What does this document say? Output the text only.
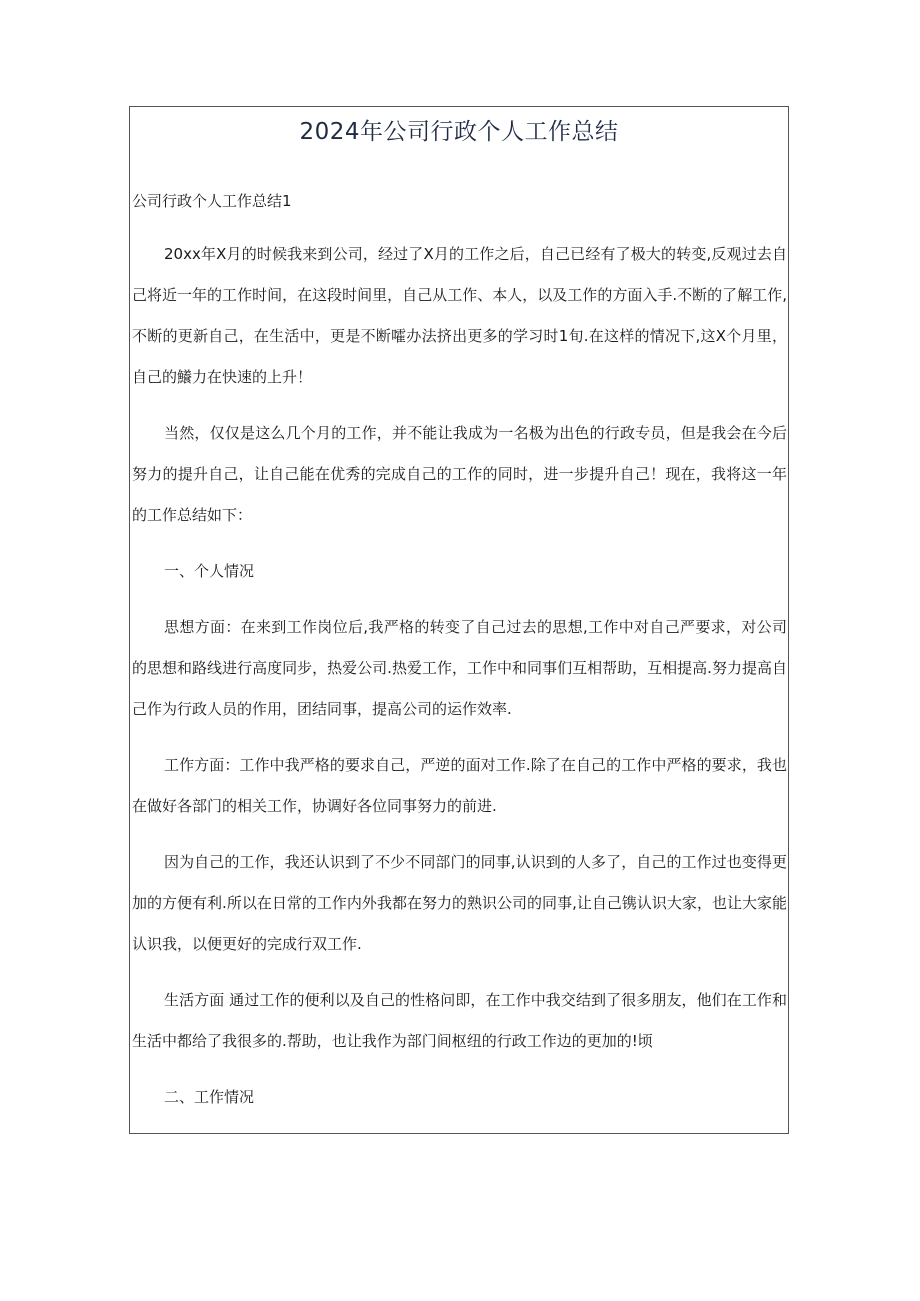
2024年公司行政个人工作总结
公司行政个人工作总结1

20xx年X月的时候我来到公司，经过了X月的工作之后，自己已经有了极大的转变,反观过去自己将近一年的工作时间，在这段时间里，自己从工作、本人，以及工作的方面入手.不断的了解工作,不断的更新自己，在生活中，更是不断嚯办法挤出更多的学习时1旬.在这样的情况下,这X个月里，自己的鱶力在快速的上升！

当然，仅仅是这么几个月的工作，并不能让我成为一名极为出色的行政专员，但是我会在今后努力的提升自己，让自己能在优秀的完成自己的工作的同时，进一步提升自己！现在，我将这一年的工作总结如下：

一、个人情况

思想方面：在来到工作岗位后,我严格的转变了自己过去的思想,工作中对自己严要求，对公司的思想和路线进行高度同步，热爱公司.热爱工作，工作中和同事们互相帮助，互相提高.努力提高自己作为行政人员的作用，团结同事，提高公司的运作效率.

工作方面：工作中我严格的要求自己，严逆的面对工作.除了在自己的工作中严格的要求，我也在做好各部门的相关工作，协调好各位同事努力的前进.

因为自己的工作，我还认识到了不少不同部门的同事,认识到的人多了，自己的工作过也变得更加的方便有利.所以在日常的工作内外我都在努力的熟识公司的同事,让自己镌认识大家，也让大家能认识我，以便更好的完成行双工作.

生活方面 通过工作的便利以及自己的性格问即，在工作中我交结到了很多朋友，他们在工作和生活中都给了我很多的.帮助，也让我作为部门间枢纽的行政工作边的更加的!顷

二、工作情况
